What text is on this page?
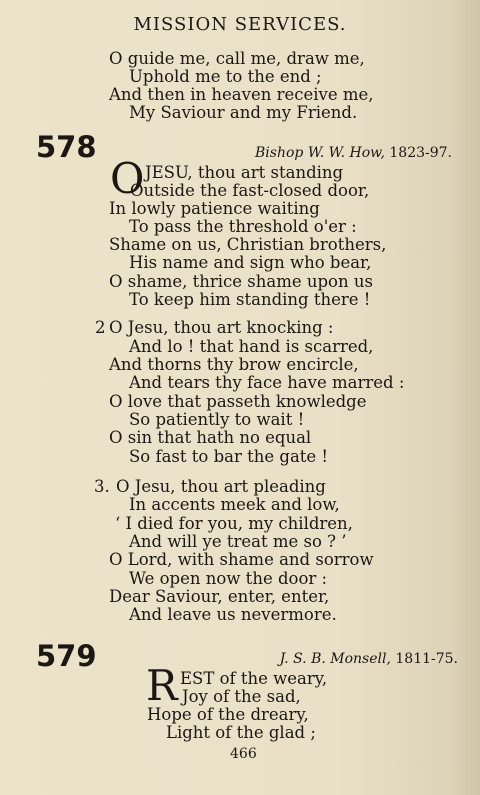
MISSION SERVICES.
O guide me, call me, draw me,
Uphold me to the end ;
And then in heaven receive me,
My Saviour and my Friend.
578	Bishop W. W. How, 1823-97.
O JESU, thou art standing
Outside the fast-closed door,
In lowly patience waiting
To pass the threshold o'er :
Shame on us, Christian brothers,
His name and sign who bear,
O shame, thrice shame upon us
To keep him standing there !
2 O Jesu, thou art knocking :
And lo ! that hand is scarred,
And thorns thy brow encircle,
And tears thy face have marred :
O love that passeth knowledge
So patiently to wait !
O sin that hath no equal
So fast to bar the gate !
3. O Jesu, thou art pleading
In accents meek and low,
‘ I died for you, my children,
And will ye treat me so ? ’
O Lord, with shame and sorrow
We open now the door :
Dear Saviour, enter, enter,
And leave us nevermore.
579	J. S. B. Monsell, 1811-75.
R EST of the weary,
Joy of the sad,
Hope of the dreary,
Light of the glad ;
466
